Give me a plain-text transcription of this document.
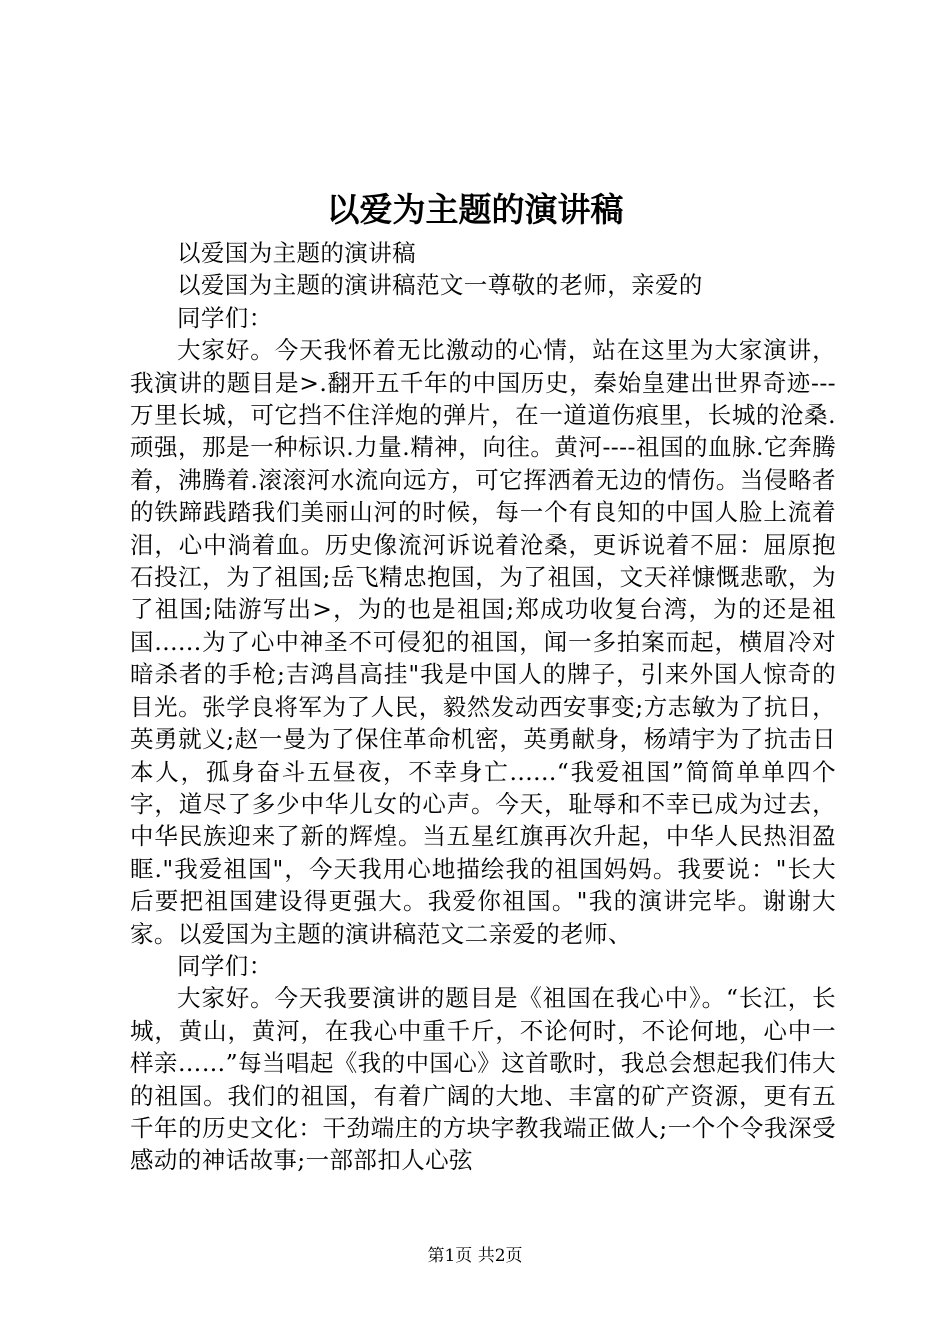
以爱为主题的演讲稿

以爱国为主题的演讲稿

以爱国为主题的演讲稿范文一尊敬的老师，亲爱的

同学们：

大家好。今天我怀着无比激动的心情，站在这里为大家演讲，我演讲的题目是>.翻开五千年的中国历史，秦始皇建出世界奇迹---万里长城，可它挡不住洋炮的弹片，在一道道伤痕里，长城的沧桑.顽强，那是一种标识.力量.精神，向往。黄河----祖国的血脉.它奔腾着，沸腾着.滚滚河水流向远方，可它挥洒着无边的情伤。当侵略者的铁蹄践踏我们美丽山河的时候，每一个有良知的中国人脸上流着泪，心中淌着血。历史像流河诉说着沧桑，更诉说着不屈：屈原抱石投江，为了祖国;岳飞精忠抱国，为了祖国，文天祥慷慨悲歌，为了祖国;陆游写出>，为的也是祖国;郑成功收复台湾，为的还是祖国......为了心中神圣不可侵犯的祖国，闻一多拍案而起，横眉冷对暗杀者的手枪;吉鸿昌高挂"我是中国人的牌子，引来外国人惊奇的目光。张学良将军为了人民，毅然发动西安事变;方志敏为了抗日，英勇就义;赵一曼为了保住革命机密，英勇献身，杨靖宇为了抗击日本人，孤身奋斗五昼夜，不幸身亡......“我爱祖国”简简单单四个字，道尽了多少中华儿女的心声。今天，耻辱和不幸已成为过去，中华民族迎来了新的辉煌。当五星红旗再次升起，中华人民热泪盈眶."我爱祖国"，今天我用心地描绘我的祖国妈妈。我要说："长大后要把祖国建设得更强大。我爱你祖国。"我的演讲完毕。谢谢大家。以爱国为主题的演讲稿范文二亲爱的老师、

同学们：

大家好。今天我要演讲的题目是《祖国在我心中》。“长江，长城，黄山，黄河，在我心中重千斤，不论何时，不论何地，心中一样亲……”每当唱起《我的中国心》这首歌时，我总会想起我们伟大的祖国。我们的祖国，有着广阔的大地、丰富的矿产资源，更有五千年的历史文化：干劲端庄的方块字教我端正做人;一个个令我深受感动的神话故事;一部部扣人心弦

第1页 共2页
